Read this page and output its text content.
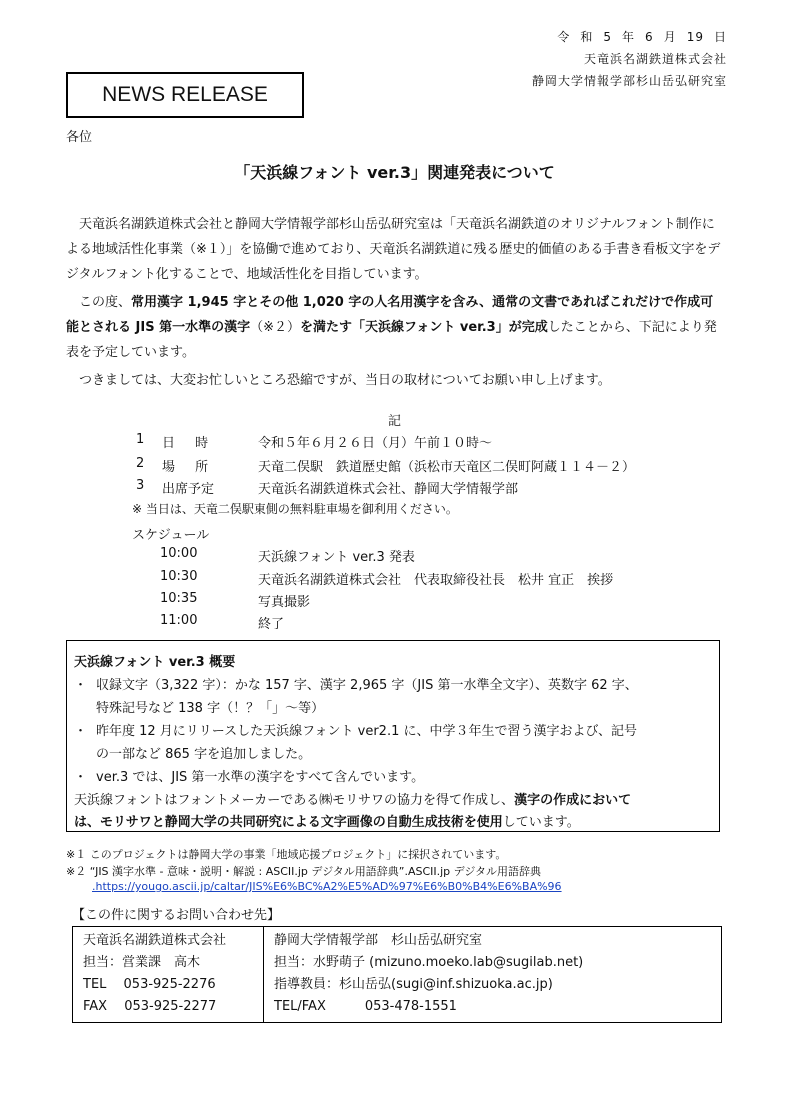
NEWS RELEASE
令 和 5 年 6 月 19 日
天竜浜名湖鉄道株式会社
静岡大学情報学部杉山岳弘研究室
各位
「天浜線フォント ver.3」関連発表について
天竜浜名湖鉄道株式会社と静岡大学情報学部杉山岳弘研究室は「天竜浜名湖鉄道のオリジナルフォント制作による地域活性化事業（※１）」を協働で進めており、天竜浜名湖鉄道に残る歴史的価値のある手書き看板文字をデジタルフォント化することで、地域活性化を目指しています。
この度、常用漢字 1,945 字とその他 1,020 字の人名用漢字を含み、通常の文書であればこれだけで作成可能とされる JIS 第一水準の漢字（※２）を満たす「天浜線フォント ver.3」が完成したことから、下記により発表を予定しています。
つきましては、大変お忙しいところ恐縮ですが、当日の取材についてお願い申し上げます。
記
1 日 時	令和５年６月２６日（月）午前１０時～
2 場 所	天竜二俣駅　鉄道歴史館（浜松市天竜区二俣町阿蔵１１４－２）
3 出席予定	天竜浜名湖鉄道株式会社、静岡大学情報学部
※ 当日は、天竜二俣駅東側の無料駐車場を御利用ください。
スケジュール
10:00	天浜線フォント ver.3 発表
10:30	天竜浜名湖鉄道株式会社　代表取締役社長　松井 宜正　挨拶
10:35	写真撮影
11:00	終了
天浜線フォント ver.3 概要
・ 収録文字（3,322 字）：かな 157 字、漢字 2,965 字（JIS 第一水準全文字）、英数字 62 字、
特殊記号など 138 字（！？「」〜等）
・ 昨年度 12 月にリリースした天浜線フォント ver2.1 に、中学３年生で習う漢字および、記号
の一部など 865 字を追加しました。
・ ver.3 では、JIS 第一水準の漢字をすべて含んでいます。
天浜線フォントはフォントメーカーである㈱モリサワの協力を得て作成し、漢字の作成において
は、モリサワと静岡大学の共同研究による文字画像の自動生成技術を使用しています。
※１ このプロジェクトは静岡大学の事業「地域応援プロジェクト」に採択されています。
※２ “JIS 漢字水準 - 意味・説明・解説 : ASCII.jp デジタル用語辞典”.ASCII.jp デジタル用語辞典
.https://yougo.ascii.jp/caltar/JIS%E6%BC%A2%E5%AD%97%E6%B0%B4%E6%BA%96
【この件に関するお問い合わせ先】
天竜浜名湖鉄道株式会社
担当：営業課　高木
TEL　 053-925-2276
FAX　 053-925-2277

静岡大学情報学部　杉山岳弘研究室
担当：水野萌子 (mizuno.moeko.lab@sugilab.net)
指導教員：杉山岳弘(sugi@inf.shizuoka.ac.jp)
TEL/FAX　　　053-478-1551
